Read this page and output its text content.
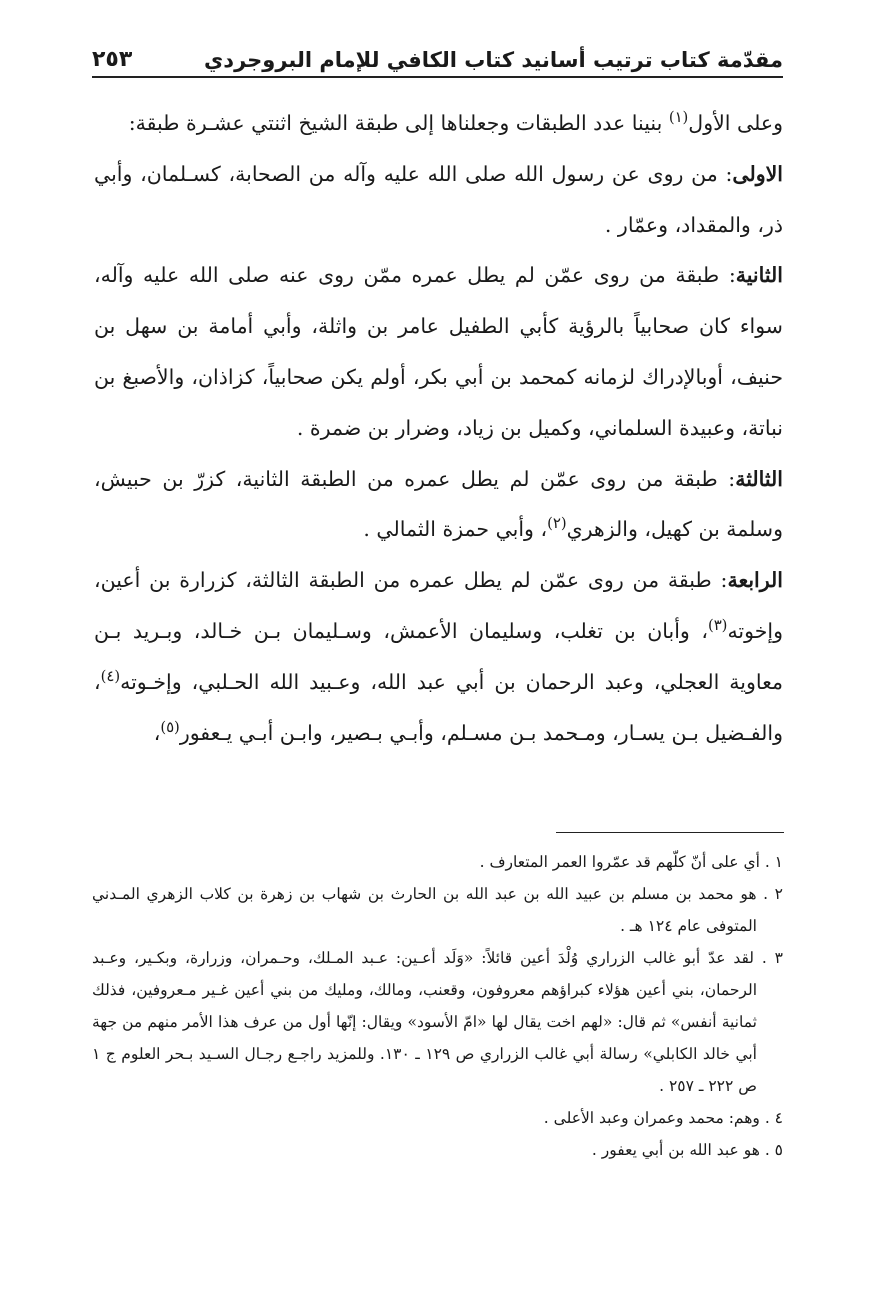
مقدّمة كتاب ترتيب أسانيد كتاب الكافي للإمام البروجردي
٢٥٣

وعلى الأول$^{(١)}$ بنينا عدد الطبقات وجعلناها إلى طبقة الشيخ اثنتي عشـرة طبقة:

الاولى: من روى عن رسول الله صلى الله عليه وآله من الصحابة، كسـلمان، وأبي ذر، والمقداد، وعمّار .

الثانية: طبقة من روى عمّن لم يطل عمره ممّن روى عنه صلى الله عليه وآله، سواء كان صحابياً بالرؤية كأبي الطفيل عامر بن واثلة، وأبي أمامة بن سهل بن حنيف، أوبالإدراك لزمانه كمحمد بن أبي بكر، أولم يكن صحابياً، كزاذان، والأصبغ بن نباتة، وعبيدة السلماني، وكميل بن زياد، وضرار بن ضمرة .

الثالثة: طبقة من روى عمّن لم يطل عمره من الطبقة الثانية، كزرّ بن حبيش، وسلمة بن كهيل، والزهري$^{(٢)}$، وأبي حمزة الثمالي .

الرابعة: طبقة من روى عمّن لم يطل عمره من الطبقة الثالثة، كزرارة بن أعين، وإخوته$^{(٣)}$، وأبان بن تغلب، وسليمان الأعمش، وسـليمان بـن خـالد، وبـريد بـن معاوية العجلي، وعبد الرحمان بن أبي عبد الله، وعـبيد الله الحـلبي، وإخـوته$^{(٤)}$، والفـضيل بـن يسـار، ومـحمد بـن مسـلم، وأبـي بـصير، وابـن أبـي يـعفور$^{(٥)}$،

١ . أي على أنّ كلّهم قد عمّروا العمر المتعارف .

٢ . هو محمد بن مسلم بن عبيد الله بن عبد الله بن الحارث بن شهاب بن زهرة بن كلاب الزهري المـدني المتوفى عام ١٢٤ هـ .

٣ . لقد عدّ أبو غالب الزراري وُلْدَ أعين قائلاً: «وَلَد أعـين: عـبد المـلك، وحـمران، وزرارة، وبكـير، وعـبد الرحمان، بني أعين هؤلاء كبراؤهم معروفون، وقعنب، ومالك، ومليك من بني أعين غـير مـعروفين، فذلك ثمانية أنفس» ثم قال: «لهم اخت يقال لها «امّ الأسود» ويقال: إنّها أول من عرف هذا الأمر منهم من جهة أبي خالد الكابلي» رسالة أبي غالب الزراري ص ١٢٩ ـ ١٣٠. وللمزيد راجـع رجـال السـيد بـحر العلوم ج ١ ص ٢٢٢ ـ ٢٥٧ .

٤ . وهم: محمد وعمران وعبد الأعلى .

٥ . هو عبد الله بن أبي يعفور .
